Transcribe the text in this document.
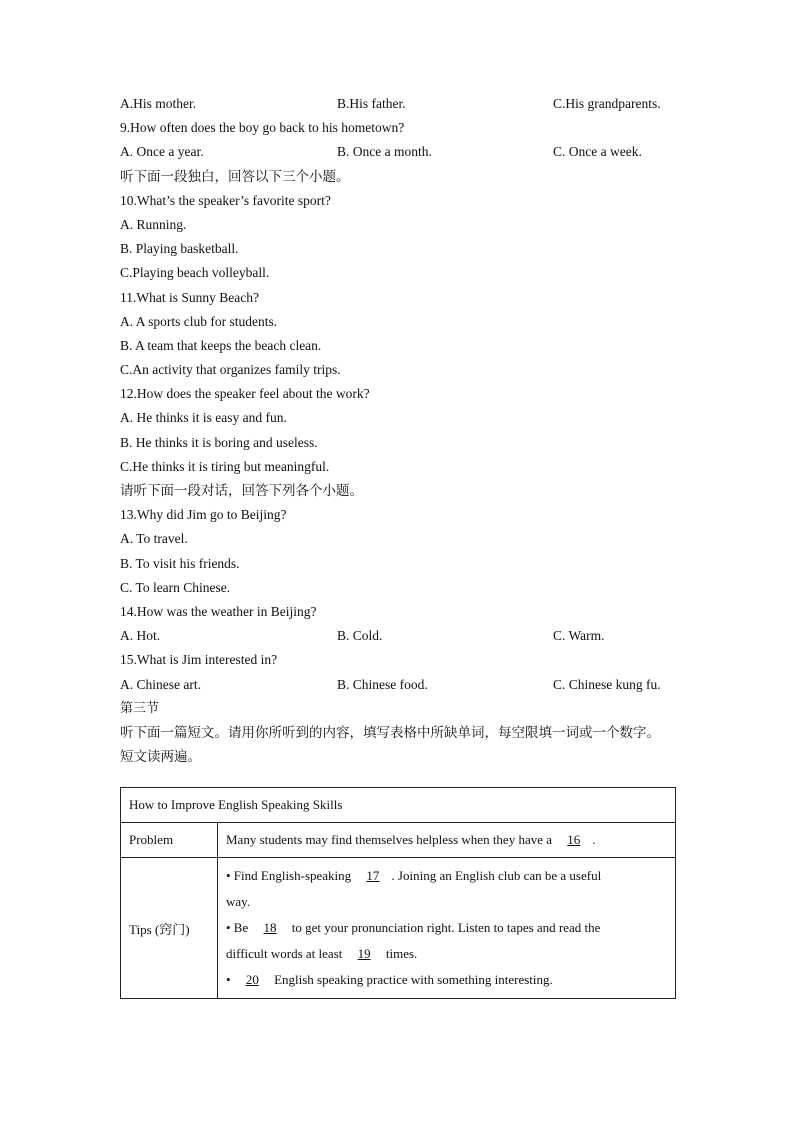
A.His mother.	B.His father.	C.His grandparents.
9.How often does the boy go back to his hometown?
A. Once a year.	B. Once a month.	C. Once a week.
听下面一段独白，回答以下三个小题。
10.What’s the speaker’s favorite sport?
A. Running.
B. Playing basketball.
C.Playing beach volleyball.
11.What is Sunny Beach?
A. A sports club for students.
B. A team that keeps the beach clean.
C.An activity that organizes family trips.
12.How does the speaker feel about the work?
A. He thinks it is easy and fun.
B. He thinks it is boring and useless.
C.He thinks it is tiring but meaningful.
请听下面一段对话，回答下列各个小题。
13.Why did Jim go to Beijing?
A. To travel.
B. To visit his friends.
C. To learn Chinese.
14.How was the weather in Beijing?
A. Hot.	B. Cold.	C. Warm.
15.What is Jim interested in?
A. Chinese art.	B. Chinese food.	C. Chinese kung fu.
第三节
听下面一篇短文。请用你所听到的内容，填写表格中所缺单词，每空限填一词或一个数字。
短文读两遍。
How to Improve English Speaking Skills	
Problem	Many students may find themselves helpless when they have a 16 .
Tips (窍门)	• Find English-speaking 17 . Joining an English club can be a useful
way.
• Be 18 to get your pronunciation right. Listen to tapes and read the
difficult words at least 19 times.
• 20 English speaking practice with something interesting.
